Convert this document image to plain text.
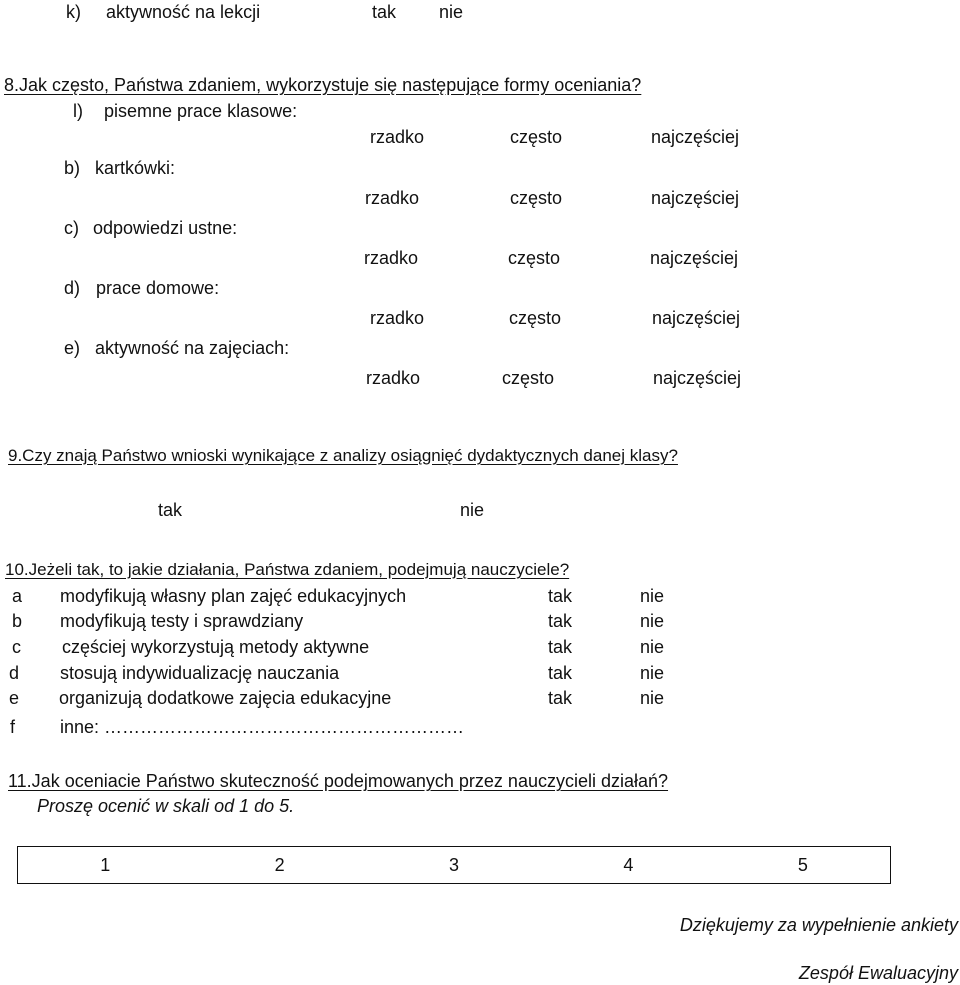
k) aktywność na lekcji	tak nie
8.Jak często, Państwa zdaniem, wykorzystuje się następujące formy oceniania?
l) pisemne prace klasowe:
rzadko	często	najczęściej
b) kartkówki:
rzadko	często	najczęściej
c) odpowiedzi ustne:
rzadko	często	najczęściej
d) prace domowe:
rzadko	często	najczęściej
e) aktywność na zajęciach:
rzadko	często	najczęściej
9.Czy znają Państwo wnioski wynikające z analizy osiągnięć dydaktycznych danej klasy?
tak	nie
10.Jeżeli tak, to jakie działania, Państwa zdaniem, podejmują nauczyciele?
a modyfikują własny plan zajęć edukacyjnych	tak	nie
b modyfikują testy i sprawdziany	tak	nie
c częściej wykorzystują metody aktywne	tak	nie
d stosują indywidualizację nauczania	tak	nie
e organizują dodatkowe zajęcia edukacyjne	tak	nie
f inne: ……………………………………………………
11.Jak oceniacie Państwo skuteczność podejmowanych przez nauczycieli działań?
Proszę ocenić w skali od 1 do 5.
1	2	3	4	5
Dziękujemy za wypełnienie ankiety
Zespół Ewaluacyjny
